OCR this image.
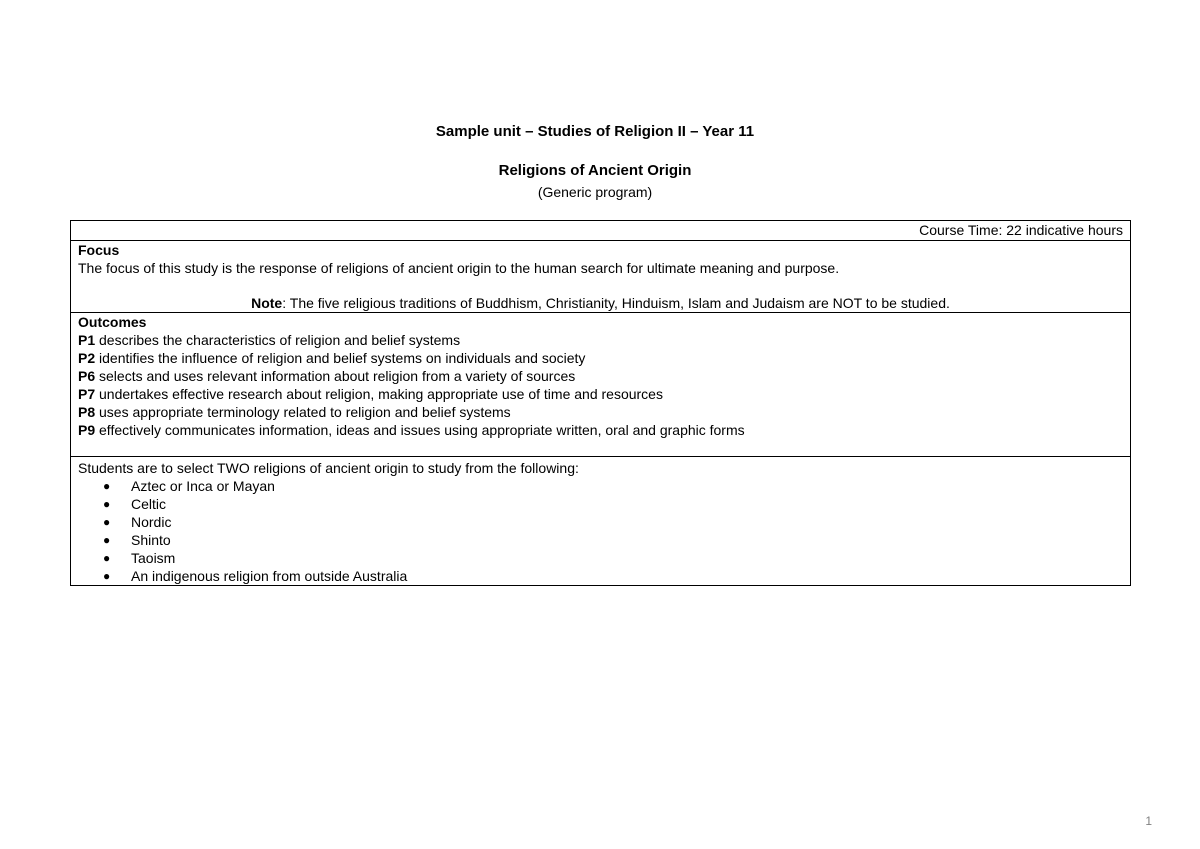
Sample unit – Studies of Religion II – Year 11
Religions of Ancient Origin
(Generic program)
Course Time: 22 indicative hours

Focus
The focus of this study is the response of religions of ancient origin to the human search for ultimate meaning and purpose.
Note: The five religious traditions of Buddhism, Christianity, Hinduism, Islam and Judaism are NOT to be studied.

Outcomes
P1 describes the characteristics of religion and belief systems
P2 identifies the influence of religion and belief systems on individuals and society
P6 selects and uses relevant information about religion from a variety of sources
P7 undertakes effective research about religion, making appropriate use of time and resources
P8 uses appropriate terminology related to religion and belief systems
P9 effectively communicates information, ideas and issues using appropriate written, oral and graphic forms

Students are to select TWO religions of ancient origin to study from the following:
● Aztec or Inca or Mayan
● Celtic
● Nordic
● Shinto
● Taoism
● An indigenous religion from outside Australia
1
